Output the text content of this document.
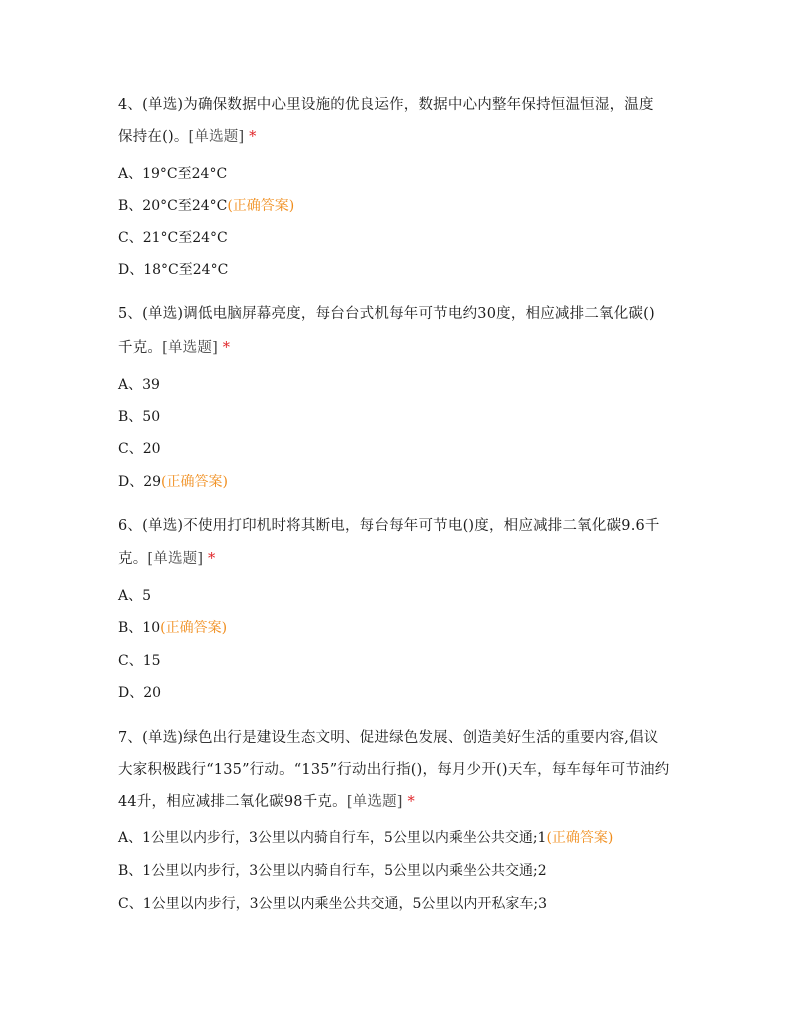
4、(单选)为确保数据中心里设施的优良运作，数据中心内整年保持恒温恒湿，温度
保持在()。[单选题] *
A、19°C至24°C
B、20°C至24°C(正确答案)
C、21°C至24°C
D、18°C至24°C
5、(单选)调低电脑屏幕亮度，每台台式机每年可节电约30度，相应减排二氧化碳()
千克。[单选题] *
A、39
B、50
C、20
D、29(正确答案)
6、(单选)不使用打印机时将其断电，每台每年可节电()度，相应减排二氧化碳9.6千
克。[单选题] *
A、5
B、10(正确答案)
C、15
D、20
7、(单选)绿色出行是建设生态文明、促进绿色发展、创造美好生活的重要内容,倡议
大家积极践行“135”行动。“135”行动出行指()，每月少开()天车，每车每年可节油约
44升，相应减排二氧化碳98千克。[单选题] *
A、1公里以内步行，3公里以内骑自行车，5公里以内乘坐公共交通;1(正确答案)
B、1公里以内步行，3公里以内骑自行车，5公里以内乘坐公共交通;2
C、1公里以内步行，3公里以内乘坐公共交通，5公里以内开私家车;3
